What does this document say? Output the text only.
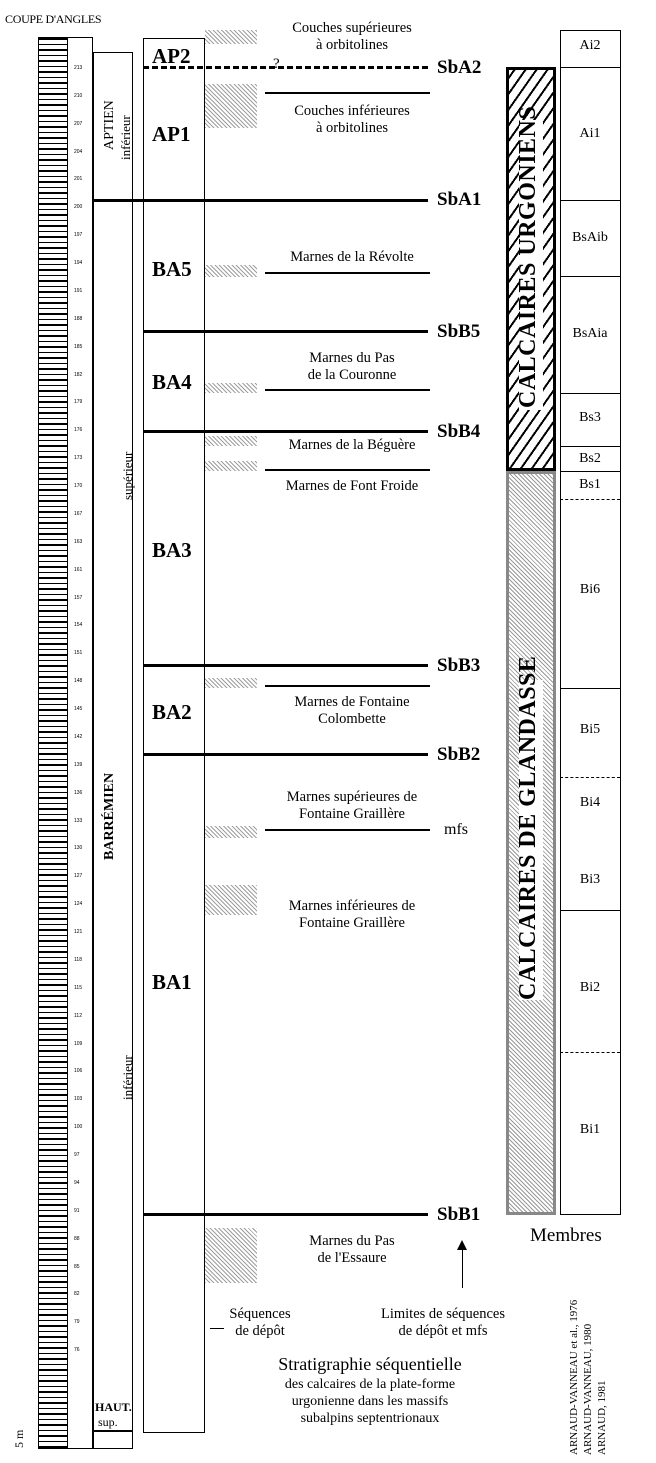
COUPE D'ANGLES
213
210
207
204
201
200
197
194
191
188
185
182
179
176
173
170
167
163
161
157
154
151
148
145
142
139
136
133
130
127
124
121
118
115
112
109
106
103
100
97
94
91
88
85
82
79
76
5 m
APTIEN inférieur
BARRÉMIEN
supérieur
inférieur
HAUT.
sup.
AP2
AP1
BA5
BA4
BA3
BA2
BA1
?	SbA2
SbA1
SbB5
SbB4
SbB3
SbB2
mfs
SbB1
Couches supérieures
à orbitolines
Couches inférieures
à orbitolines
Marnes de la Révolte
Marnes du Pas
de la Couronne
Marnes de la Béguère
Marnes de Font Froide
Marnes de Fontaine
Colombette
Marnes supérieures de
Fontaine Graillère
Marnes inférieures de
Fontaine Graillère
Marnes du Pas
de l'Essaure
CALCAIRES URGONIENS
CALCAIRES DE GLANDASSE
Ai2
Ai1
BsAib
BsAia
Bs3
Bs2
Bs1
Bi6
Bi5
Bi4
Bi3
Bi2
Bi1
Membres
ARNAUD-VANNEAU et al., 1976 ARNAUD-VANNEAU, 1980 ARNAUD, 1981
Séquences
de dépôt
Limites de séquences
de dépôt et mfs
Stratigraphie séquentielle
des calcaires de la plate-forme
urgonienne dans les massifs
subalpins septentrionaux
